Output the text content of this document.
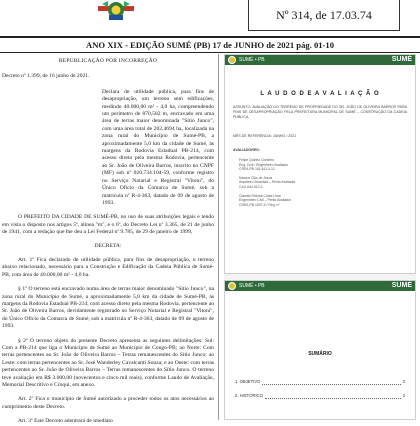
Nº 314, de 17.03.74
ANO XIX - EDIÇÃO SUMÉ (PB) 17 de JUNHO de 2021 pág. 01-10
REPUBLICAÇÃO POR INCORREÇÃO
Decreto nº 1.399, de 16 junho de 2021.
Declara de utilidade pública, para fins de desapropriação, um terreno sem edificações, medindo 40.000,00 m² - 4,0 ha, compreendendo um perímetro de 870,582 m, encravado em uma área de terras maior denominada "Sítio Junco", com uma área total de 202,4694 ha, localizada na zona rural do Município de Sumé-PB, a aproximadamente 5,0 km da cidade de Sumé, às margens da Rodovia Estadual PB-214, com acesso direto pela mesma Rodovia, pertencente ao Sr. João de Oliveira Barros, inscrito no CNPF (MF) sob nº 020.734.104-59, conforme registro no Serviço Notarial e Registral "Vitoni", do Único Ofício da Comarca de Sumé, sob a matrícula nº R-4-363, datado de 09 de agosto de 1993.
O PREFEITO DA CIDADE DE SUMÉ-PB, no uso de suas atribuições legais e tendo em vista o disposto nos artigos 5º, alínea "m", e o 6º, do Decreto Lei nº 3.365, de 21 de junho de 1941, com a redação que lhe deu a Lei Federal nº 9.785, de 29 de janeiro de 1999,
DECRETA:
Art. 1º Fica declarado de utilidade pública, para fins de desapropriação, o terreno abaixo relacionado, necessário para a Construção e Edificação da Cadeia Pública de Sumé-PB, com área de 40.000,00 m² - 4,0 ha.
§ 1º O terreno está encravado numa área de terras maior denominado "Sítio Junco", na zona rural do Município de Sumé, a aproximadamente 5,0 km da cidade de Sumé-PB, às margens da Rodovia Estadual PB-214, com acesso direto pela mesma Rodovia, pertencente ao Sr. João de Oliveira Barros, devidamente registrado no Serviço Notarial e Registral "Vitoni", do Único Ofício da Comarca de Sumé, sob a matrícula nº R-4-363, datado de 09 de agosto de 1993.
§ 2º O terreno objeto do presente Decreto apresenta as seguintes delimitações: Sul: Com a PB-214 que liga o Município de Sumé ao Município de Congo-PB; ao Norte: Com terras pertencentes ao Sr. João de Oliveira Barros – Terras remanescentes do Sítio Junco; ao Leste: com terras pertencentes ao Sr. José Wanderley Cavalcanti Souza; e ao Oeste: com terras pertencentes ao Sr. João de Oliveira Barros – Terras remanescentes do Sítio Junco. O terreno teve avaliação em R$ 3.000,00 (novecentos e cinco mil reais), conforme Laudo de Avaliação, Memorial Descritivo e Croqui, em anexo.
Art. 2º Fica o município de Sumé autorizado a proceder todos os atos necessários ao cumprimento deste Decreto.
Art. 3º Este Decreto adentrará de imediato
SUMÉ • PB	SUMÉ
L A U D O D E A V A L I A Ç Ã O
ASSUNTO: AVALIAÇÃO DO TERRENO DE PROPRIEDADE DO SR. JOÃO DE OLIVEIRA BARROS PARA FINS DE DESAPROPRIAÇÃO PELA PREFEITURA MUNICIPAL DE SUMÉ – CONSTRUÇÃO DA CADEIA PÚBLICA.
MÊS DE REFERÊNCIA: JUNHO / 2021
AVALIADORES:
Felipe Quirino Cordeiro
Eng. Civil / Engenheiro Avaliador
CREA-PB 161.611.0-12
Marcus Cilio de Jesus
Arquiteto Urbanista – Perito Avaliador
CAU A44.512-0
Cláudio Feitosa Costa Lima
Engenheiro Civil – Perito Avaliador
CREA-PB 1607-5 / Reg. nº
SUMÉ • PB	SUMÉ
SUMÁRIO
1. OBJETIVO	3
2. HISTÓRICO	3
